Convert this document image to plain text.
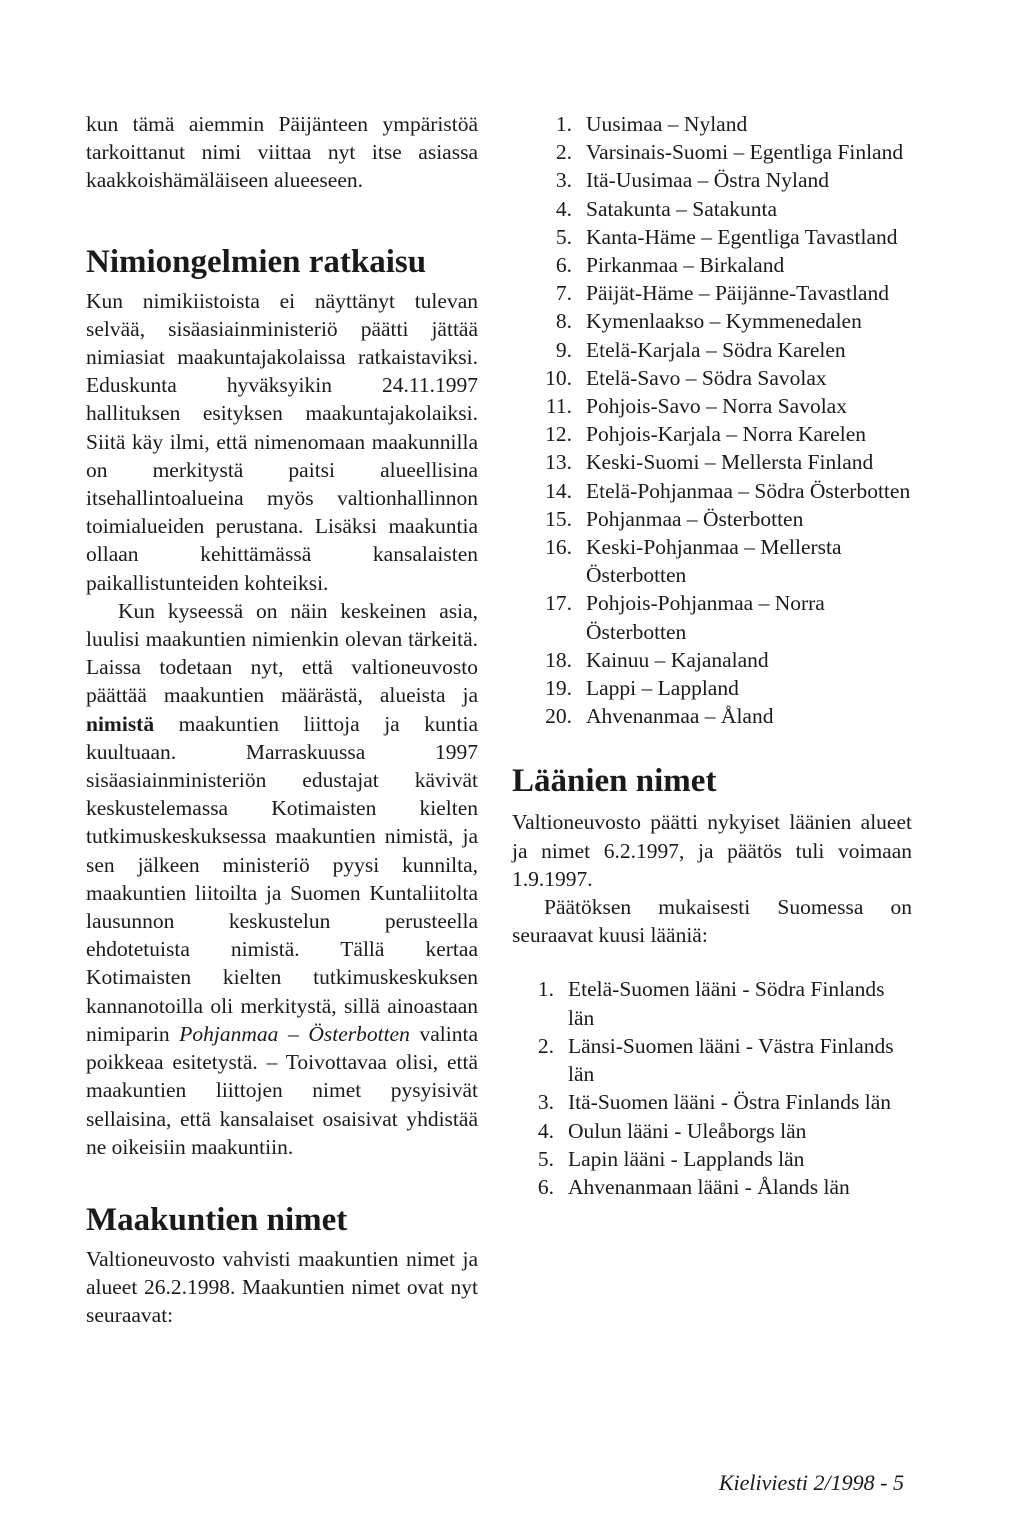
kun tämä aiemmin Päijänteen ympäristöä tarkoittanut nimi viittaa nyt itse asiassa kaakkoishämäläiseen alueeseen.

Nimiongelmien ratkaisu

Kun nimikiistoista ei näyttänyt tulevan selvää, sisäasiainministeriö päätti jättää nimiasiat maakuntajakolaissa ratkaistaviksi. Eduskunta hyväksyikin 24.11.1997 hallituksen esityksen maakuntajakolaiksi. Siitä käy ilmi, että nimenomaan maakunnilla on merkitystä paitsi alueellisina itsehallintoalueina myös valtionhallinnon toimialueiden perustana. Lisäksi maakuntia ollaan kehittämässä kansalaisten paikallistunteiden kohteiksi.

Kun kyseessä on näin keskeinen asia, luulisi maakuntien nimienkin olevan tärkeitä. Laissa todetaan nyt, että valtioneuvosto päättää maakuntien määrästä, alueista ja nimistä maakuntien liittoja ja kuntia kuultuaan. Marraskuussa 1997 sisäasiainministeriön edustajat kävivät keskustelemassa Kotimaisten kielten tutkimuskeskuksessa maakuntien nimistä, ja sen jälkeen ministeriö pyysi kunnilta, maakuntien liitoilta ja Suomen Kuntaliitolta lausunnon keskustelun perusteella ehdotetuista nimistä. Tällä kertaa Kotimaisten kielten tutkimuskeskuksen kannanotoilla oli merkitystä, sillä ainoastaan nimiparin Pohjanmaa – Österbotten valinta poikkeaa esitetystä. – Toivottavaa olisi, että maakuntien liittojen nimet pysyisivät sellaisina, että kansalaiset osaisivat yhdistää ne oikeisiin maakuntiin.

Maakuntien nimet

Valtioneuvosto vahvisti maakuntien nimet ja alueet 26.2.1998. Maakuntien nimet ovat nyt seuraavat:

1. Uusimaa – Nyland
2. Varsinais-Suomi – Egentliga Finland
3. Itä-Uusimaa – Östra Nyland
4. Satakunta – Satakunta
5. Kanta-Häme – Egentliga Tavastland
6. Pirkanmaa – Birkaland
7. Päijät-Häme – Päijänne-Tavastland
8. Kymenlaakso – Kymmenedalen
9. Etelä-Karjala – Södra Karelen
10. Etelä-Savo – Södra Savolax
11. Pohjois-Savo – Norra Savolax
12. Pohjois-Karjala – Norra Karelen
13. Keski-Suomi – Mellersta Finland
14. Etelä-Pohjanmaa – Södra Österbotten
15. Pohjanmaa – Österbotten
16. Keski-Pohjanmaa – Mellersta Österbotten
17. Pohjois-Pohjanmaa – Norra Österbotten
18. Kainuu – Kajanaland
19. Lappi – Lappland
20. Ahvenanmaa – Åland
Läänien nimet

Valtioneuvosto päätti nykyiset läänien alueet ja nimet 6.2.1997, ja päätös tuli voimaan 1.9.1997.

Päätöksen mukaisesti Suomessa on seuraavat kuusi lääniä:

1. Etelä-Suomen lääni - Södra Finlands län
2. Länsi-Suomen lääni - Västra Finlands län
3. Itä-Suomen lääni - Östra Finlands län
4. Oulun lääni - Uleåborgs län
5. Lapin lääni - Lapplands län
6. Ahvenanmaan lääni - Ålands län
Kieliviesti 2/1998 - 5
